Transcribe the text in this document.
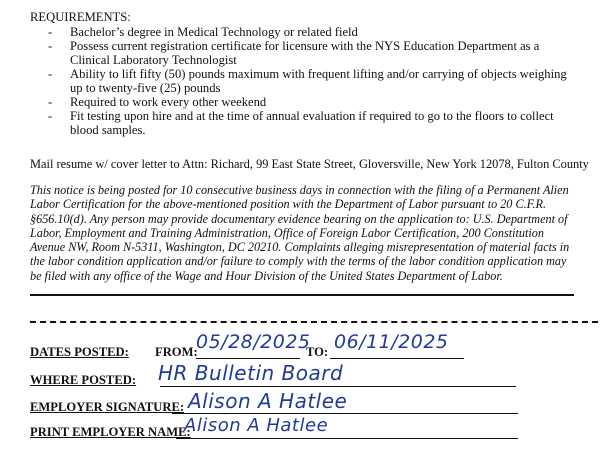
REQUIREMENTS:
- Bachelor’s degree in Medical Technology or related field
- Possess current registration certificate for licensure with the NYS Education Department as a Clinical Laboratory Technologist
- Ability to lift fifty (50) pounds maximum with frequent lifting and/or carrying of objects weighing up to twenty-five (25) pounds
- Required to work every other weekend
- Fit testing upon hire and at the time of annual evaluation if required to go to the floors to collect blood samples.
Mail resume w/ cover letter to Attn: Richard, 99 East State Street, Gloversville, New York 12078, Fulton County
This notice is being posted for 10 consecutive business days in connection with the filing of a Permanent Alien Labor Certification for the above-mentioned position with the Department of Labor pursuant to 20 C.F.R. §656.10(d). Any person may provide documentary evidence bearing on the application to: U.S. Department of Labor, Employment and Training Administration, Office of Foreign Labor Certification, 200 Constitution Avenue NW, Room N-5311, Washington, DC 20210. Complaints alleging misrepresentation of material facts in the labor condition application and/or failure to comply with the terms of the labor condition application may be filed with any office of the Wage and Hour Division of the United States Department of Labor.
DATES POSTED: FROM:
05/28/2025
TO: 06/11/2025
WHERE POSTED: HR Bulletin Board
EMPLOYER SIGNATURE: Alison A Hatlee
PRINT EMPLOYER NAME:
Alison A Hatlee
